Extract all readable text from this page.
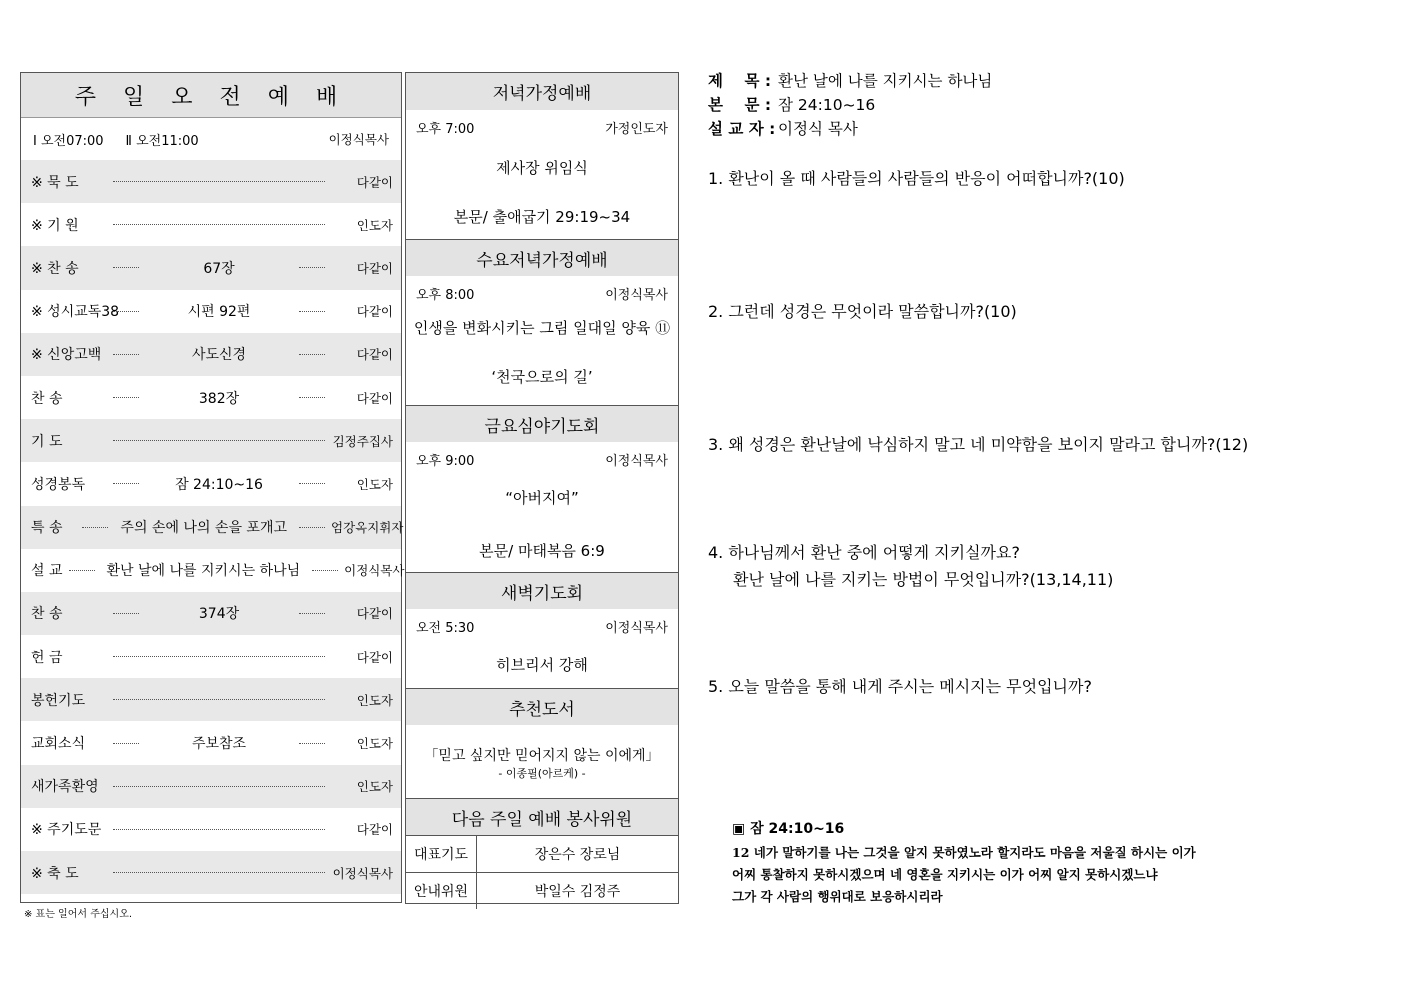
주 일 오 전 예 배
Ⅰ 오전07:00 Ⅱ 오전11:00	이정식목사
※ 묵 도	다같이
※ 기 원	인도자
※ 찬 송	67장	다같이
※ 성시교독38	시편 92편	다같이
※ 신앙고백	사도신경	다같이
찬 송	382장	다같이
기 도	김정주집사
성경봉독	잠 24:10~16	인도자
특 송	주의 손에 나의 손을 포개고	엄강옥지휘자
설 교	환난 날에 나를 지키시는 하나님	이정식목사
찬 송	374장	다같이
헌 금	다같이
봉헌기도	인도자
교회소식	주보참조	인도자
새가족환영	인도자
※ 주기도문	다같이
※ 축 도	이정식목사
※ 표는 일어서 주십시오.
저녁가정예배
오후 7:00	가정인도자
제사장 위임식
본문/ 출애굽기 29:19~34
수요저녁가정예배
오후 8:00	이정식목사
인생을 변화시키는 그림 일대일 양육 ⑪
‘천국으로의 길’
금요심야기도회
오후 9:00	이정식목사
“아버지여”
본문/ 마태복음 6:9
새벽기도회
오전 5:30	이정식목사
히브리서 강해
추천도서
「믿고 싶지만 믿어지지 않는 이에게」
- 이종필(아르케) -
다음 주일 예배 봉사위원
대표기도	장은수 장로님
안내위원	박일수 김정주
제    목 : 환난 날에 나를 지키시는 하나님
본    문 : 잠 24:10~16
설 교 자 : 이정식 목사
1. 환난이 올 때 사람들의 사람들의 반응이 어떠합니까?(10)
2. 그런데 성경은 무엇이라 말씀합니까?(10)
3. 왜 성경은 환난날에 낙심하지 말고 네 미약함을 보이지 말라고 합니까?(12)
4. 하나님께서 환난 중에 어떻게 지키실까요?
환난 날에 나를 지키는 방법이 무엇입니까?(13,14,11)
5. 오늘 말씀을 통해 내게 주시는 메시지는 무엇입니까?
▣ 잠 24:10~16
12 네가 말하기를 나는 그것을 알지 못하였노라 할지라도 마음을 저울질 하시는 이가
어찌 통찰하지 못하시겠으며 네 영혼을 지키시는 이가 어찌 알지 못하시겠느냐
그가 각 사람의 행위대로 보응하시리라
